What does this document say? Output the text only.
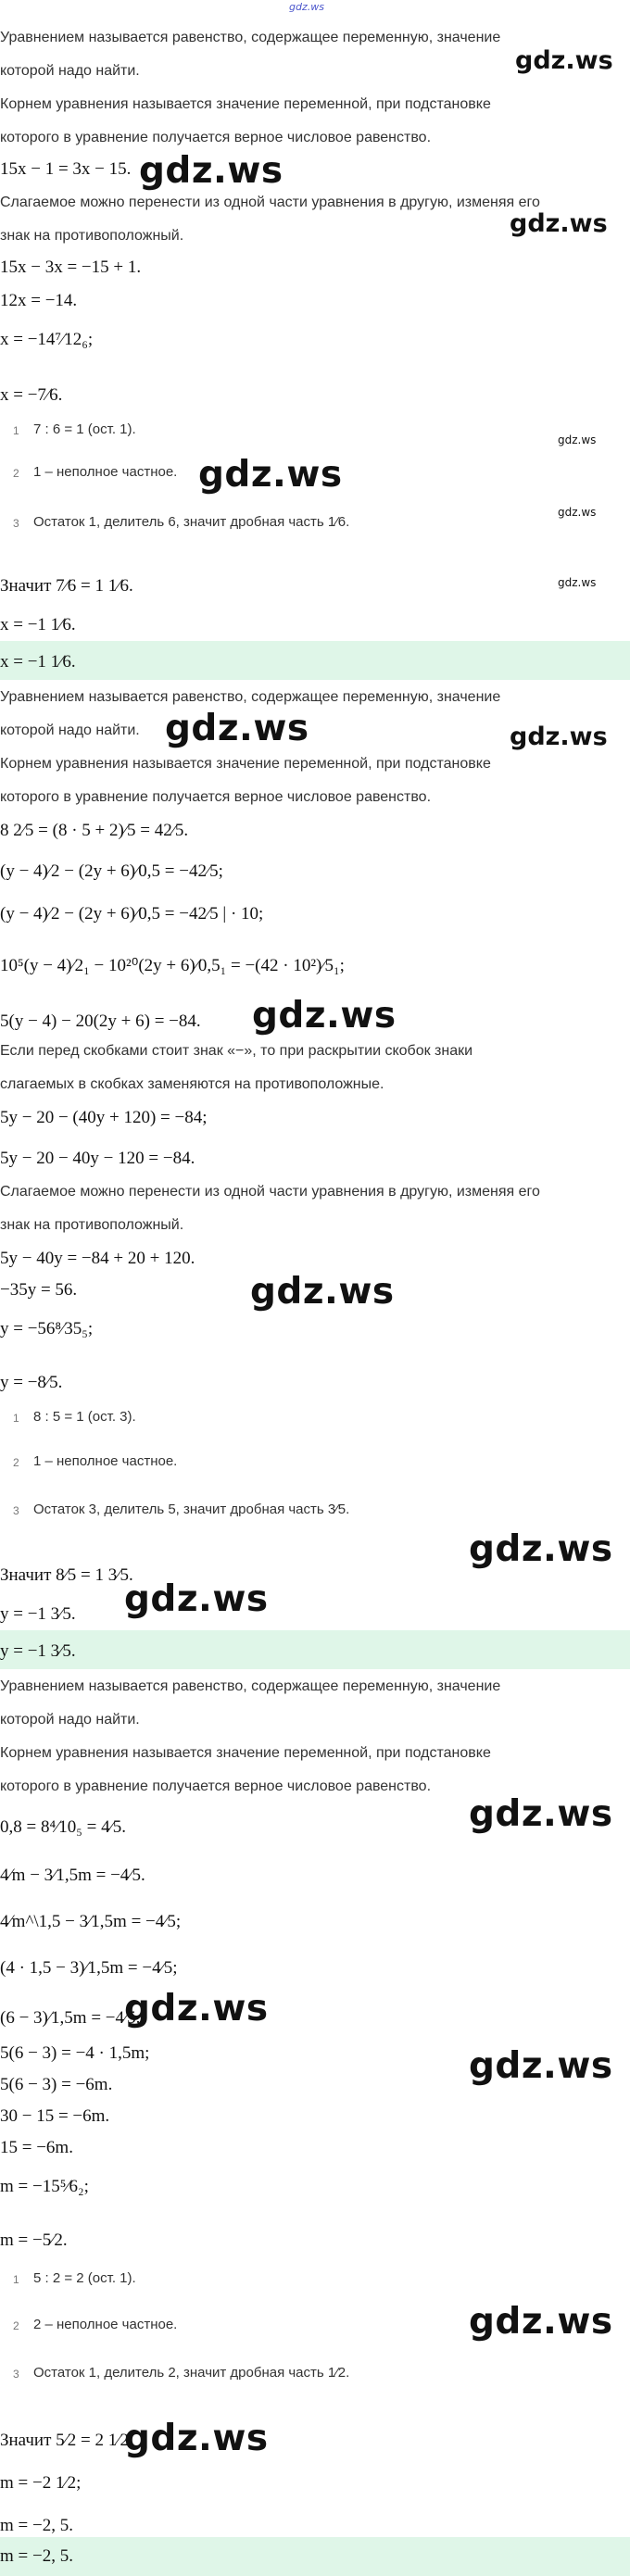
gdz.ws
Уравнением называется равенство, содержащее переменную, значение
которой надо найти.
Корнем уравнения называется значение переменной, при подстановке
которого в уравнение получается верное числовое равенство.
15x − 1 = 3x − 15.
Слагаемое можно перенести из одной части уравнения в другую, изменяя его
знак на противоположный.
15x − 3x = −15 + 1.
12x = −14.
x = −14⁷⁄12₆;
x = −7⁄6.
1 7 : 6 = 1 (ост. 1).
2 1 – неполное частное.
3 Остаток 1, делитель 6, значит дробная часть 1⁄6.
Значит 7⁄6 = 1 1⁄6.
x = −1 1⁄6.
x = −1 1⁄6.
gdz.ws
gdz.ws
gdz.ws
gdz.ws
gdz.ws
gdz.ws
gdz.ws
Уравнением называется равенство, содержащее переменную, значение
которой надо найти.
Корнем уравнения называется значение переменной, при подстановке
которого в уравнение получается верное числовое равенство.
8 2⁄5 = (8 · 5 + 2)⁄5 = 42⁄5.
(y − 4)⁄2 − (2y + 6)⁄0,5 = −42⁄5;
(y − 4)⁄2 − (2y + 6)⁄0,5 = −42⁄5 | · 10;
10⁵(y − 4)⁄2₁ − 10²⁰(2y + 6)⁄0,5₁ = −(42 · 10²)⁄5₁;
5(y − 4) − 20(2y + 6) = −84.
Если перед скобками стоит знак «−», то при раскрытии скобок знаки
слагаемых в скобках заменяются на противоположные.
5y − 20 − (40y + 120) = −84;
5y − 20 − 40y − 120 = −84.
Слагаемое можно перенести из одной части уравнения в другую, изменяя его
знак на противоположный.
5y − 40y = −84 + 20 + 120.
−35y = 56.
y = −56⁸⁄35₅;
y = −8⁄5.
1 8 : 5 = 1 (ост. 3).
2 1 – неполное частное.
3 Остаток 3, делитель 5, значит дробная часть 3⁄5.
Значит 8⁄5 = 1 3⁄5.
y = −1 3⁄5.
y = −1 3⁄5.
gdz.ws	gdz.ws
gdz.ws
gdz.ws
gdz.ws
gdz.ws
Уравнением называется равенство, содержащее переменную, значение
которой надо найти.
Корнем уравнения называется значение переменной, при подстановке
которого в уравнение получается верное числовое равенство.
0,8 = 8⁴⁄10₅ = 4⁄5.
4⁄m − 3⁄1,5m = −4⁄5.
4⁄m^\1,5 − 3⁄1,5m = −4⁄5;
(4 · 1,5 − 3)⁄1,5m = −4⁄5;
(6 − 3)⁄1,5m = −4⁄5.
5(6 − 3) = −4 · 1,5m;
5(6 − 3) = −6m.
30 − 15 = −6m.
15 = −6m.
m = −15⁵⁄6₂;
m = −5⁄2.
1 5 : 2 = 2 (ост. 1).
2 2 – неполное частное.
3 Остаток 1, делитель 2, значит дробная часть 1⁄2.
Значит 5⁄2 = 2 1⁄2.
m = −2 1⁄2;
m = −2, 5.
m = −2, 5.
gdz.ws
gdz.ws
gdz.ws
gdz.ws
gdz.ws
